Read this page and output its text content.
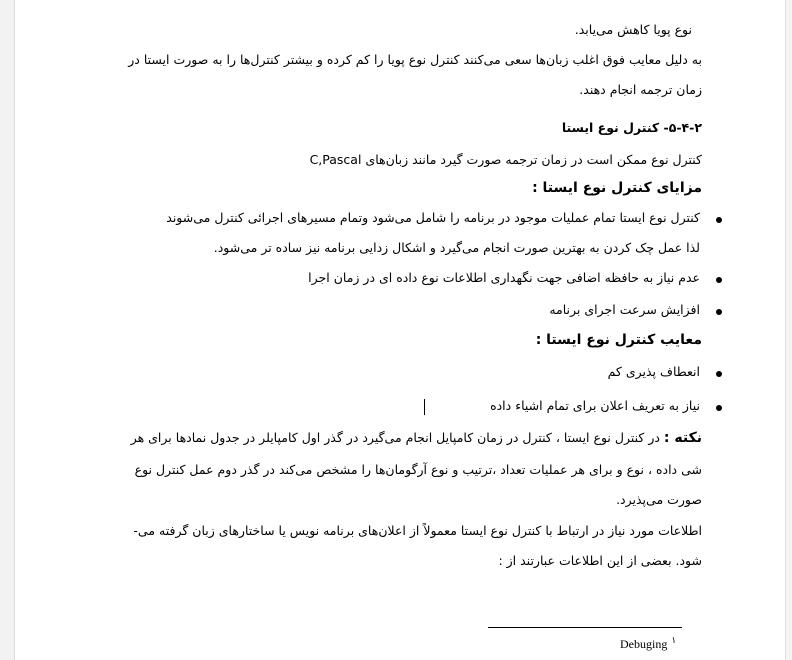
نوع پویا کاهش می‌یابد.
به دلیل معایب فوق اغلب زبان‌ها سعی می‌کنند کنترل نوع پویا را کم کرده و بیشتر کنترل‌ها را به صورت ایستا در
زمان ترجمه انجام دهند.
۵-۴-۲- کنترل نوع ایستا
کنترل نوع ممکن است در زمان ترجمه صورت گیرد مانند زبان‌های C,Pascal
مزایای کنترل نوع ایستا :
کنترل نوع ایستا تمام عملیات موجود در برنامه را شامل می‌شود وتمام مسیرهای اجرائی کنترل می‌شوند
لذا عمل چک کردن به بهترین صورت انجام می‌گیرد و اشکال زدایی برنامه نیز ساده تر می‌شود.
عدم نیاز به حافظه اضافی جهت نگهداری اطلاعات نوع داده ای در زمان اجرا
افزایش سرعت اجرای برنامه
معایب کنترل نوع ایستا :
انعطاف پذیری کم
نیاز به تعریف اعلان برای تمام اشیاء داده
نکته : در کنترل نوع ایستا ، کنترل در زمان کامپایل انجام می‌گیرد در گذر اول کامپایلر در جدول نمادها برای هر
شی داده ، نوع و برای هر عملیات تعداد ،ترتیب و نوع آرگومان‌ها را مشخص می‌کند در گذر دوم عمل کنترل نوع
صورت می‌پذیرد.
اطلاعات مورد نیاز در ارتباط با کنترل نوع ایستا معمولاً از اعلان‌های برنامه نویس یا ساختارهای زبان گرفته می-
شود. بعضی از این اطلاعات عبارتند از :
Debuging $^۱$
